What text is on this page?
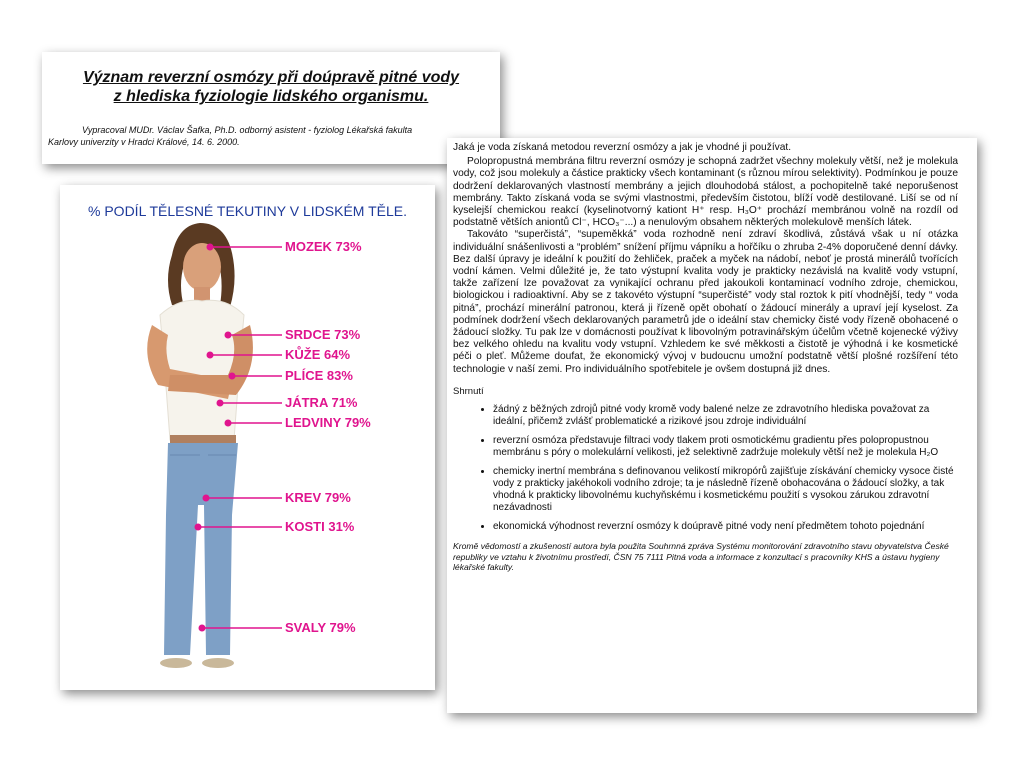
Význam reverzní osmózy při doúpravě pitné vody
z hlediska fyziologie lidského organismu.
Vypracoval MUDr. Václav Šafka, Ph.D. odborný asistent - fyziolog Lékařská fakulta
Karlovy univerzity v Hradci Králové, 14. 6. 2000.
% PODÍL TĚLESNÉ TEKUTINY V LIDSKÉM TĚLE.
MOZEK 73%
SRDCE 73%
KŮŽE 64%
PLÍCE 83%
JÁTRA 71%
LEDVINY 79%
KREV 79%
KOSTI 31%
SVALY 79%

Jaká je voda získaná metodou reverzní osmózy a jak je vhodné ji používat.

Polopropustná membrána filtru reverzní osmózy je schopná zadržet všechny molekuly větší, než je molekula vody, což jsou molekuly a částice prakticky všech kontaminant (s různou mírou selektivity). Podmínkou je pouze dodržení deklarovaných vlastností membrány a jejich dlouhodobá stálost, a pochopitelně také neporušenost membrány. Takto získaná voda se svými vlastnostmi, především čistotou, blíží vodě destilované. Liší se od ní kyselejší chemickou reakcí (kyselinotvorný kationt H⁺ resp. H₃O⁺ prochází membránou volně na rozdíl od podstatně větších aniontů Cl⁻, HCO₃⁻...) a nenulovým obsahem některých molekulově menších látek.

Takováto “superčistá”, “supeměkká” voda rozhodně není zdraví škodlivá, zůstává však u ní otázka individuální snášenlivosti a “problém” snížení příjmu vápníku a hořčíku o zhruba 2-4% doporučené denní dávky. Bez další úpravy je ideální k použití do žehliček, praček a myček na nádobí, neboť je prostá minerálů tvořících vodní kámen. Velmi důležité je, že tato výstupní kvalita vody je prakticky nezávislá na kvalitě vody vstupní, takže zařízení lze považovat za vynikající ochranu před jakoukoli kontaminací vodního zdroje, chemickou, biologickou i radioaktivní. Aby se z takovéto výstupní “superčisté” vody stal roztok k pití vhodnější, tedy “ voda pitná”, prochází minerální patronou, která ji řízeně opět obohatí o žádoucí minerály a upraví její kyselost. Za podmínek dodržení všech deklarovaných parametrů jde o ideální stav chemicky čisté vody řízeně obohacené o žádoucí složky. Tu pak lze v domácnosti používat k libovolným potravinářským účelům včetně kojenecké výživy bez velkého ohledu na kvalitu vody vstupní. Vzhledem ke své měkkosti a čistotě je výhodná i ke kosmetické péči o pleť. Můžeme doufat, že ekonomický vývoj v budoucnu umožní podstatně větší plošné rozšíření této technologie v naší zemi. Pro individuálního spotřebitele je ovšem dostupná již dnes.

Shrnutí
• žádný z běžných zdrojů pitné vody kromě vody balené nelze ze zdravotního hlediska považovat za ideální, přičemž zvlášť problematické a rizikové jsou zdroje individuální
• reverzní osmóza představuje filtraci vody tlakem proti osmotickému gradientu přes polopropustnou membránu s póry o molekulární velikosti, jež selektivně zadržuje molekuly větší než je molekula H₂O
• chemicky inertní membrána s definovanou velikostí mikropórů zajišťuje získávání chemicky vysoce čisté vody z prakticky jakéhokoli vodního zdroje; ta je následně řízeně obohacována o žádoucí složky, a tak vhodná k prakticky libovolnému kuchyňskému i kosmetickému použití s vysokou zárukou zdravotní nezávadnosti
• ekonomická výhodnost reverzní osmózy k doúpravě pitné vody není předmětem tohoto pojednání
Kromě vědomostí a zkušeností autora byla použita Souhrnná zpráva Systému monitorování zdravotního stavu obyvatelstva České republiky ve vztahu k životnímu prostředí, ČSN 75 7111 Pitná voda a informace z konzultací s pracovníky KHS a ústavu hygieny lékařské fakulty.
